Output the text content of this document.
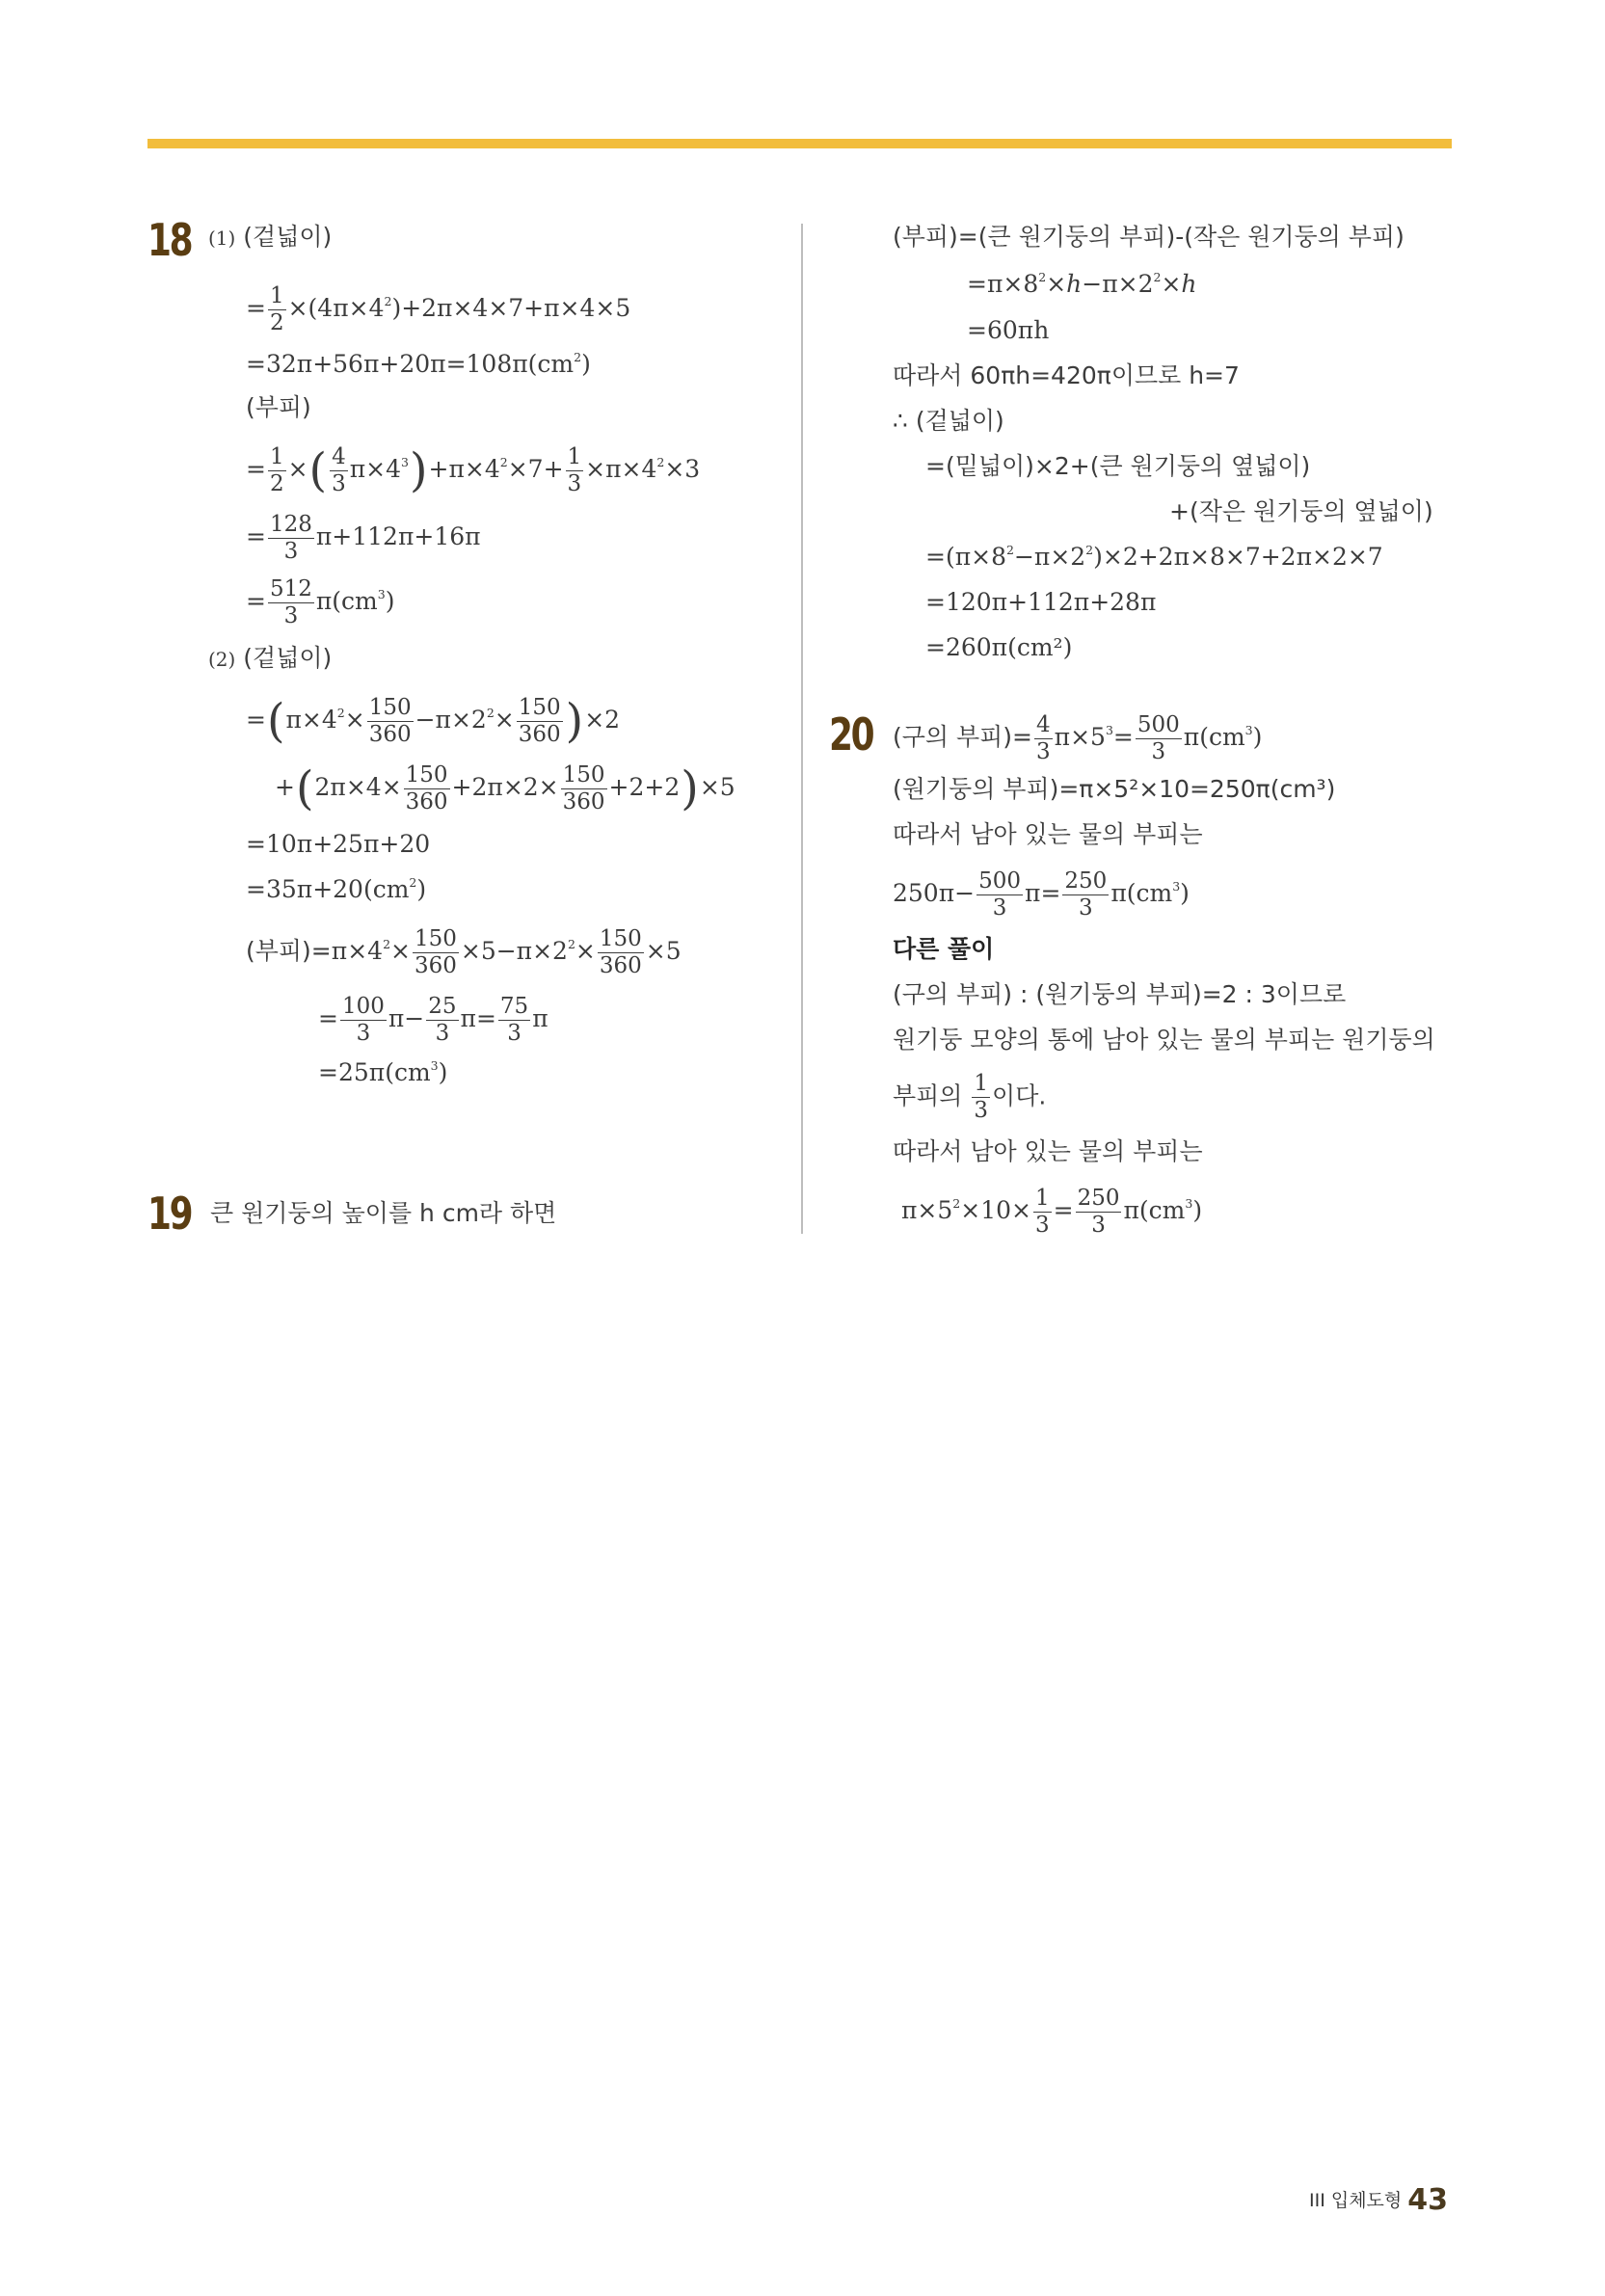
18 (1) (겉넓이)
= $\frac{1}{2} \times(4\pi\times 4^2)+2\pi\times 4\times 7+\pi\times 4\times 5$
$=32\pi+56\pi+20\pi=108\pi(cm^2)$
(부피)
= $\frac{1}{2}$ ×( $\frac{4}{3} \pi\times 4^3)+\pi\times 4^2\times 7+ \frac{1}{3} \times\pi\times 4^2\times 3$
= $\frac{128}{3} \pi+112\pi+16\pi$
= $\frac{512}{3} \pi(cm^3)$
(2) (겉넓이)
$=(\pi\times 4^2\times \frac{150}{360} -\pi\times 2^2\times \frac{150}{360} )\times 2$
$+(2\pi\times 4\times \frac{150}{360} +2\pi\times 2\times \frac{150}{360} +2+2)\times 5$
=10π+25π+20
$=35\pi+20(cm^2)$
(부피)$=\pi\times 4^2\times \frac{150}{360} \times 5-\pi\times 2^2\times \frac{150}{360} \times 5$
= $\frac{100}{3} \pi- \frac{25}{3} \pi= \frac{75}{3}$ π
$=25\pi(cm^3)$
19 큰 원기둥의 높이를 h cm라 하면
(부피)=(큰 원기둥의 부피)-(작은 원기둥의 부피)
$=\pi\times 8^2\times h-\pi\times 2^2\times h$
=60πh
따라서 60πh=420π이므로 h=7
∴ (겉넓이)
=(밑넓이)×2+(큰 원기둥의 옆넓이)
+(작은 원기둥의 옆넓이)
$=(\pi\times 8^2-\pi\times 2^2)\times 2+2\pi\times 8\times 7+2\pi\times 2\times 7$
=120π+112π+28π
=260π(cm²)
20 (구의 부피)= $\frac{4}{3} \pi\times 5^3= \frac{500}{3} \pi(cm^3)$
(원기둥의 부피)=π×5²×10=250π(cm³)
따라서 남아 있는 물의 부피는
$250\pi- \frac{500}{3} \pi= \frac{250}{3} \pi(cm^3)$
다른 풀이
(구의 부피) : (원기둥의 부피)=2 : 3이므로
원기둥 모양의 통에 남아 있는 물의 부피는 원기둥의
부피의 $\frac{1}{3}$ 이다.
따라서 남아 있는 물의 부피는
$\pi\times 5^2\times 10\times \frac{1}{3} = \frac{250}{3} \pi(cm^3)$
III 입체도형 43
